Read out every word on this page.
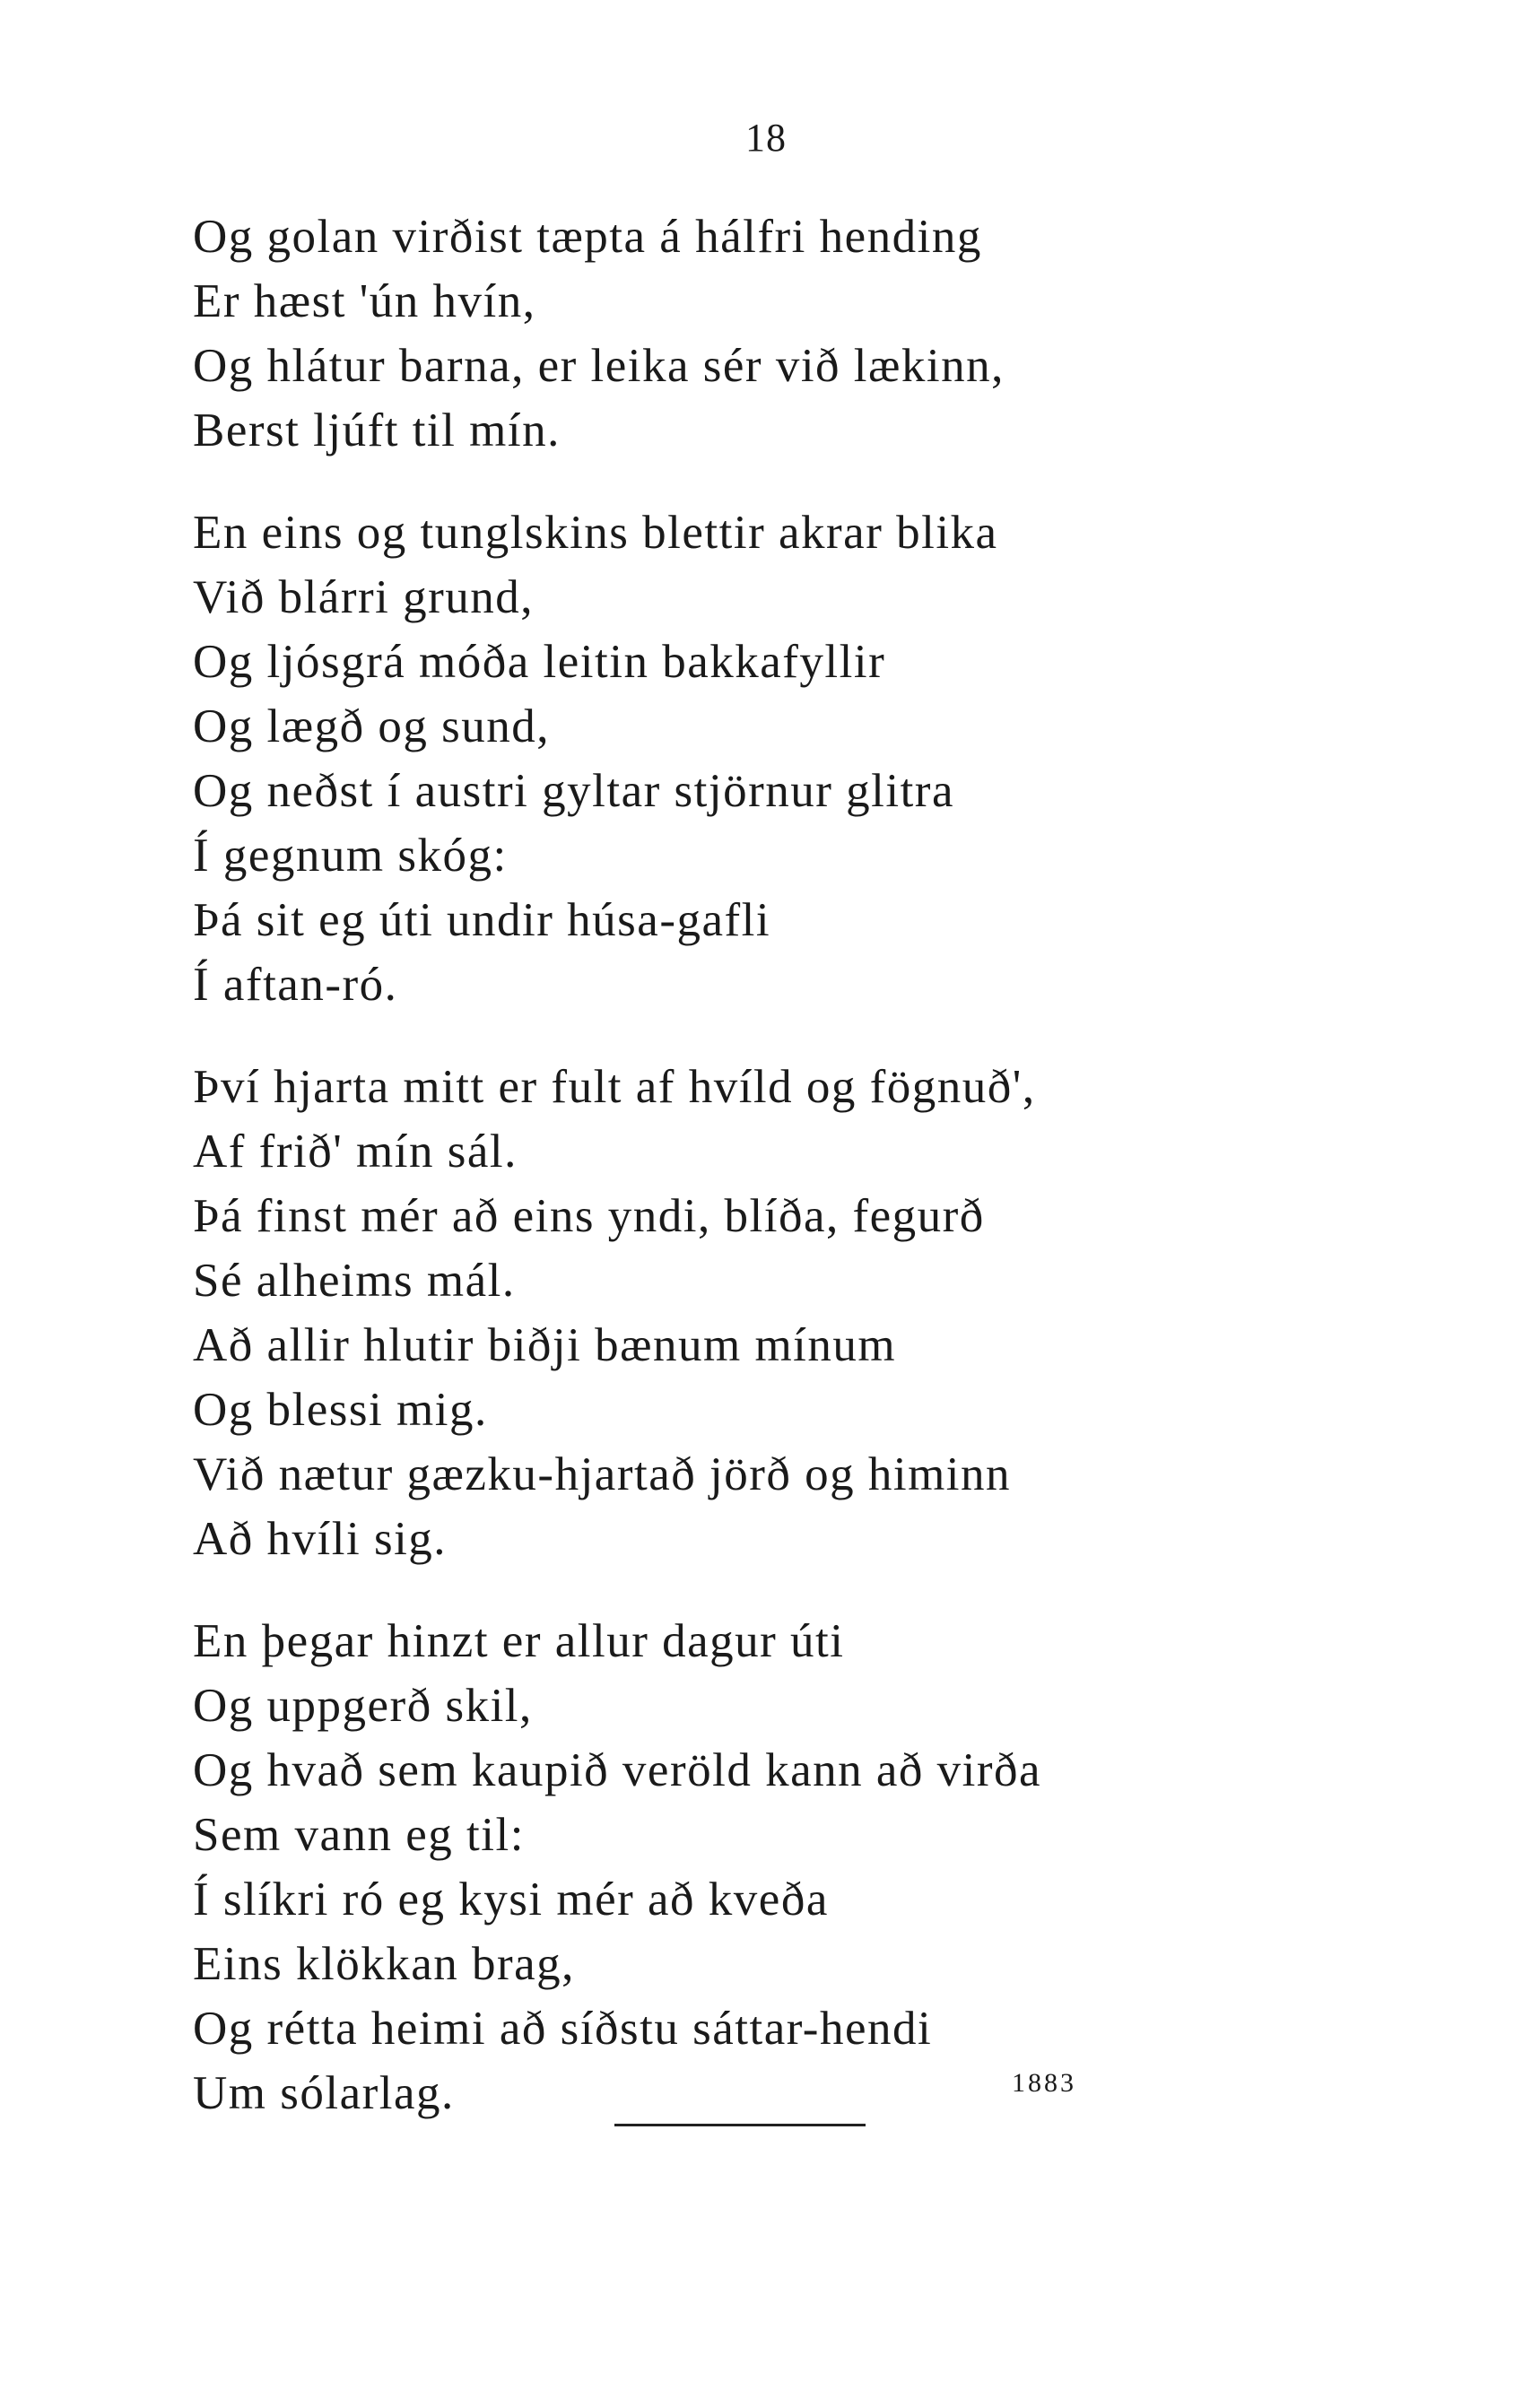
18
Og golan virðist tæpta á hálfri hending
Er hæst 'ún hvín,
Og hlátur barna, er leika sér við lækinn,
Berst ljúft til mín.
En eins og tunglskins blettir akrar blika
Við blárri grund,
Og ljósgrá móða leitin bakkafyllir
Og lægð og sund,
Og neðst í austri gyltar stjörnur glitra
Í gegnum skóg:
Þá sit eg úti undir húsa-gafli
Í aftan-ró.
Því hjarta mitt er fult af hvíld og fögnuð',
Af frið' mín sál.
Þá finst mér að eins yndi, blíða, fegurð
Sé alheims mál.
Að allir hlutir biðji bænum mínum
Og blessi mig.
Við nætur gæzku-hjartað jörð og himinn
Að hvíli sig.
En þegar hinzt er allur dagur úti
Og uppgerð skil,
Og hvað sem kaupið veröld kann að virða
Sem vann eg til:
Í slíkri ró eg kysi mér að kveða
Eins klökkan brag,
Og rétta heimi að síðstu sáttar-hendi
Um sólarlag.	1883
